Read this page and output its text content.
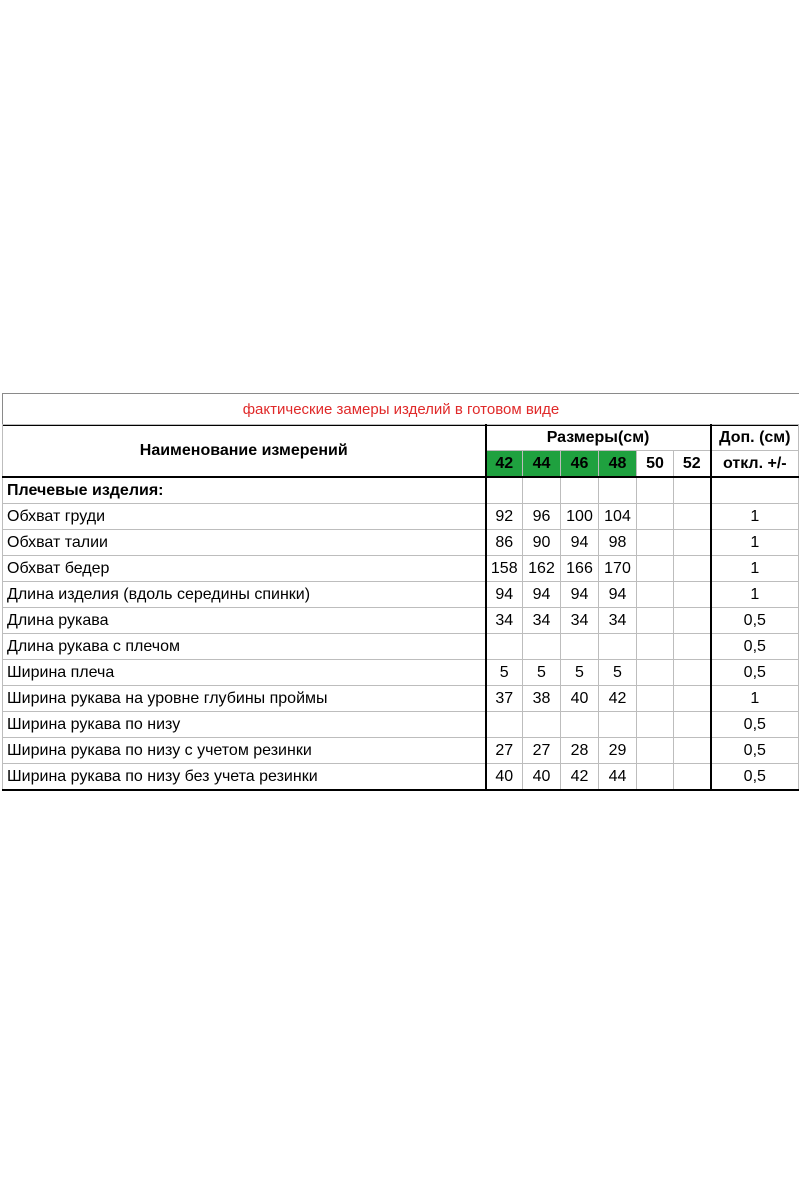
фактические замеры изделий в готовом виде
Наименование измерений	Размеры(см)						Доп. (см)
	42	44	46	48	50	52	откл. +/-
Плечевые изделия:							
Обхват груди	92	96	100	104			1
Обхват талии	86	90	94	98			1
Обхват бедер	158	162	166	170			1
Длина изделия (вдоль середины спинки)	94	94	94	94			1
Длина рукава	34	34	34	34			0,5
Длина рукава с плечом							0,5
Ширина плеча	5	5	5	5			0,5
Ширина рукава на уровне глубины проймы	37	38	40	42			1
Ширина рукава по низу							0,5
Ширина рукава по низу с учетом резинки	27	27	28	29			0,5
Ширина рукава по низу без учета резинки	40	40	42	44			0,5
